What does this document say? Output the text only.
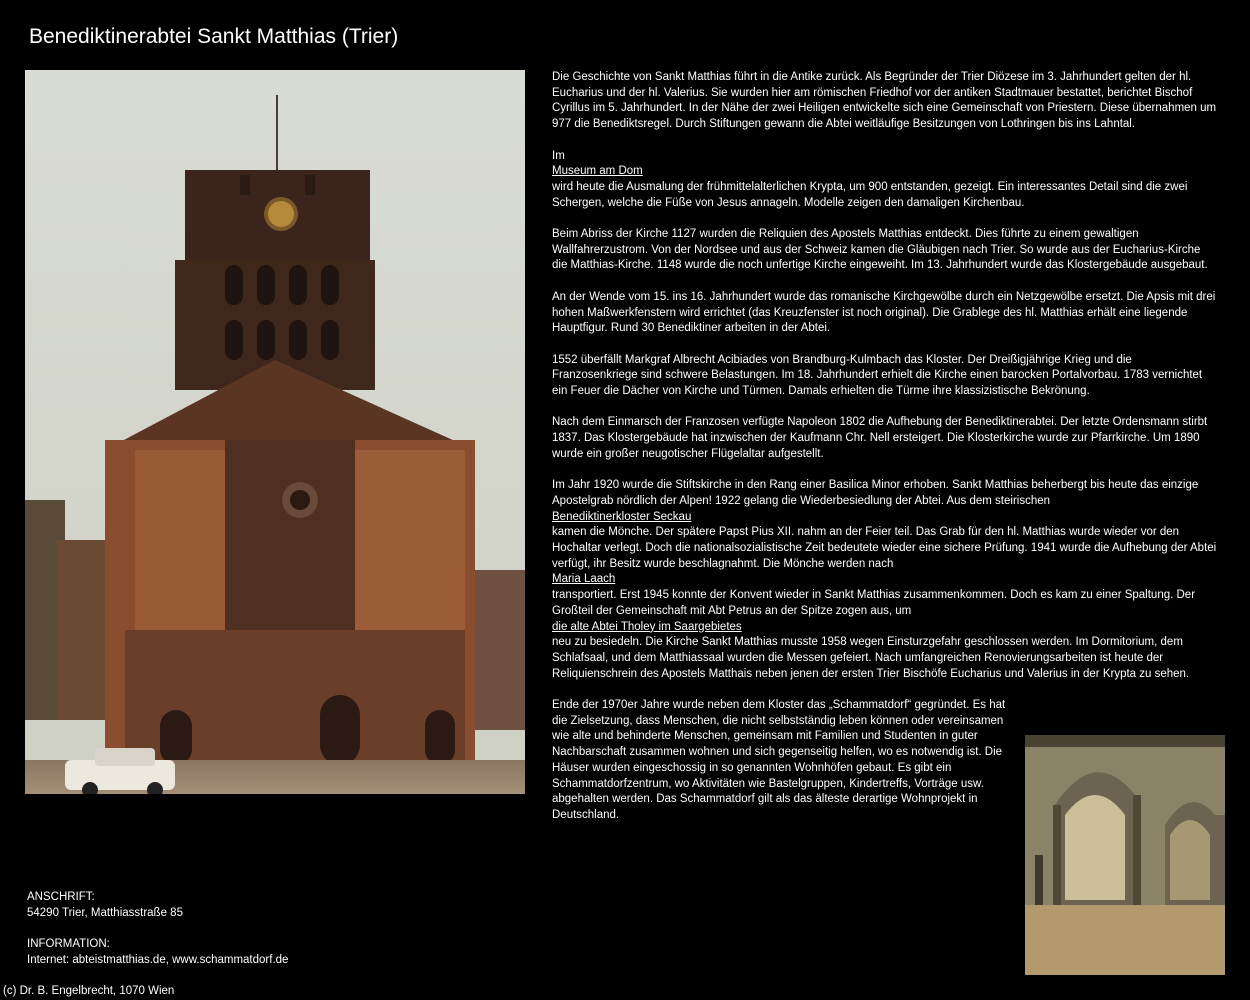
Benediktinerabtei Sankt Matthias (Trier)

Die Geschichte von Sankt Matthias führt in die Antike zurück. Als Begründer der Trier Diözese im 3. Jahrhundert gelten der hl. Eucharius und der hl. Valerius. Sie wurden hier am römischen Friedhof vor der antiken Stadtmauer bestattet, berichtet Bischof Cyrillus im 5. Jahrhundert. In der Nähe der zwei Heiligen entwickelte sich eine Gemeinschaft von Priestern. Diese übernahmen um 977 die Benediktsregel. Durch Stiftungen gewann die Abtei weitläufige Besitzungen von Lothringen bis ins Lahntal.

Im
Museum am Dom
wird heute die Ausmalung der frühmittelalterlichen Krypta, um 900 entstanden, gezeigt. Ein interessantes Detail sind die zwei Schergen, welche die Füße von Jesus annageln. Modelle zeigen den damaligen Kirchenbau.

Beim Abriss der Kirche 1127 wurden die Reliquien des Apostels Matthias entdeckt. Dies führte zu einem gewaltigen Wallfahrerzustrom. Von der Nordsee und aus der Schweiz kamen die Gläubigen nach Trier. So wurde aus der Eucharius-Kirche die Matthias-Kirche. 1148 wurde die noch unfertige Kirche eingeweiht. Im 13. Jahrhundert wurde das Klostergebäude ausgebaut.

An der Wende vom 15. ins 16. Jahrhundert wurde das romanische Kirchgewölbe durch ein Netzgewölbe ersetzt. Die Apsis mit drei hohen Maßwerkfenstern wird errichtet (das Kreuzfenster ist noch original). Die Grablege des hl. Matthias erhält eine liegende Hauptfigur. Rund 30 Benediktiner arbeiten in der Abtei.

1552 überfällt Markgraf Albrecht Acibiades von Brandburg-Kulmbach das Kloster. Der Dreißigjährige Krieg und die Franzosenkriege sind schwere Belastungen. Im 18. Jahrhundert erhielt die Kirche einen barocken Portalvorbau. 1783 vernichtet ein Feuer die Dächer von Kirche und Türmen. Damals erhielten die Türme ihre klassizistische Bekrönung.

Nach dem Einmarsch der Franzosen verfügte Napoleon 1802 die Aufhebung der Benediktinerabtei. Der letzte Ordensmann stirbt 1837. Das Klostergebäude hat inzwischen der Kaufmann Chr. Nell ersteigert. Die Klosterkirche wurde zur Pfarrkirche. Um 1890 wurde ein großer neugotischer Flügelaltar aufgestellt.

Im Jahr 1920 wurde die Stiftskirche in den Rang einer Basilica Minor erhoben. Sankt Matthias beherbergt bis heute das einzige Apostelgrab nördlich der Alpen! 1922 gelang die Wiederbesiedlung der Abtei. Aus dem steirischen
Benediktinerkloster Seckau
kamen die Mönche. Der spätere Papst Pius XII. nahm an der Feier teil. Das Grab für den hl. Matthias wurde wieder vor den Hochaltar verlegt. Doch die nationalsozialistische Zeit bedeutete wieder eine sichere Prüfung. 1941 wurde die Aufhebung der Abtei verfügt, ihr Besitz wurde beschlagnahmt. Die Mönche werden nach
Maria Laach
transportiert. Erst 1945 konnte der Konvent wieder in Sankt Matthias zusammenkommen. Doch es kam zu einer Spaltung. Der Großteil der Gemeinschaft mit Abt Petrus an der Spitze zogen aus, um
die alte Abtei Tholey im Saargebietes
neu zu besiedeln. Die Kirche Sankt Matthias musste 1958 wegen Einsturzgefahr geschlossen werden. Im Dormitorium, dem Schlafsaal, und dem Matthiassaal wurden die Messen gefeiert. Nach umfangreichen Renovierungsarbeiten ist heute der Reliquienschrein des Apostels Matthais neben jenen der ersten Trier Bischöfe Eucharius und Valerius in der Krypta zu sehen.

Ende der 1970er Jahre wurde neben dem Kloster das „Schammatdorf“ gegründet. Es hat die Zielsetzung, dass Menschen, die nicht selbstständig leben können oder vereinsamen wie alte und behinderte Menschen, gemeinsam mit Familien und Studenten in guter Nachbarschaft zusammen wohnen und sich gegenseitig helfen, wo es notwendig ist. Die Häuser wurden eingeschossig in so genannten Wohnhöfen gebaut. Es gibt ein Schammatdorfzentrum, wo Aktivitäten wie Bastelgruppen, Kindertreffs, Vorträge usw. abgehalten werden. Das Schammatdorf gilt als das älteste derartige Wohnprojekt in Deutschland.

ANSCHRIFT:
54290 Trier, Matthiasstraße 85
INFORMATION:
Internet: abteistmatthias.de, www.schammatdorf.de
(c) Dr. B. Engelbrecht, 1070 Wien
